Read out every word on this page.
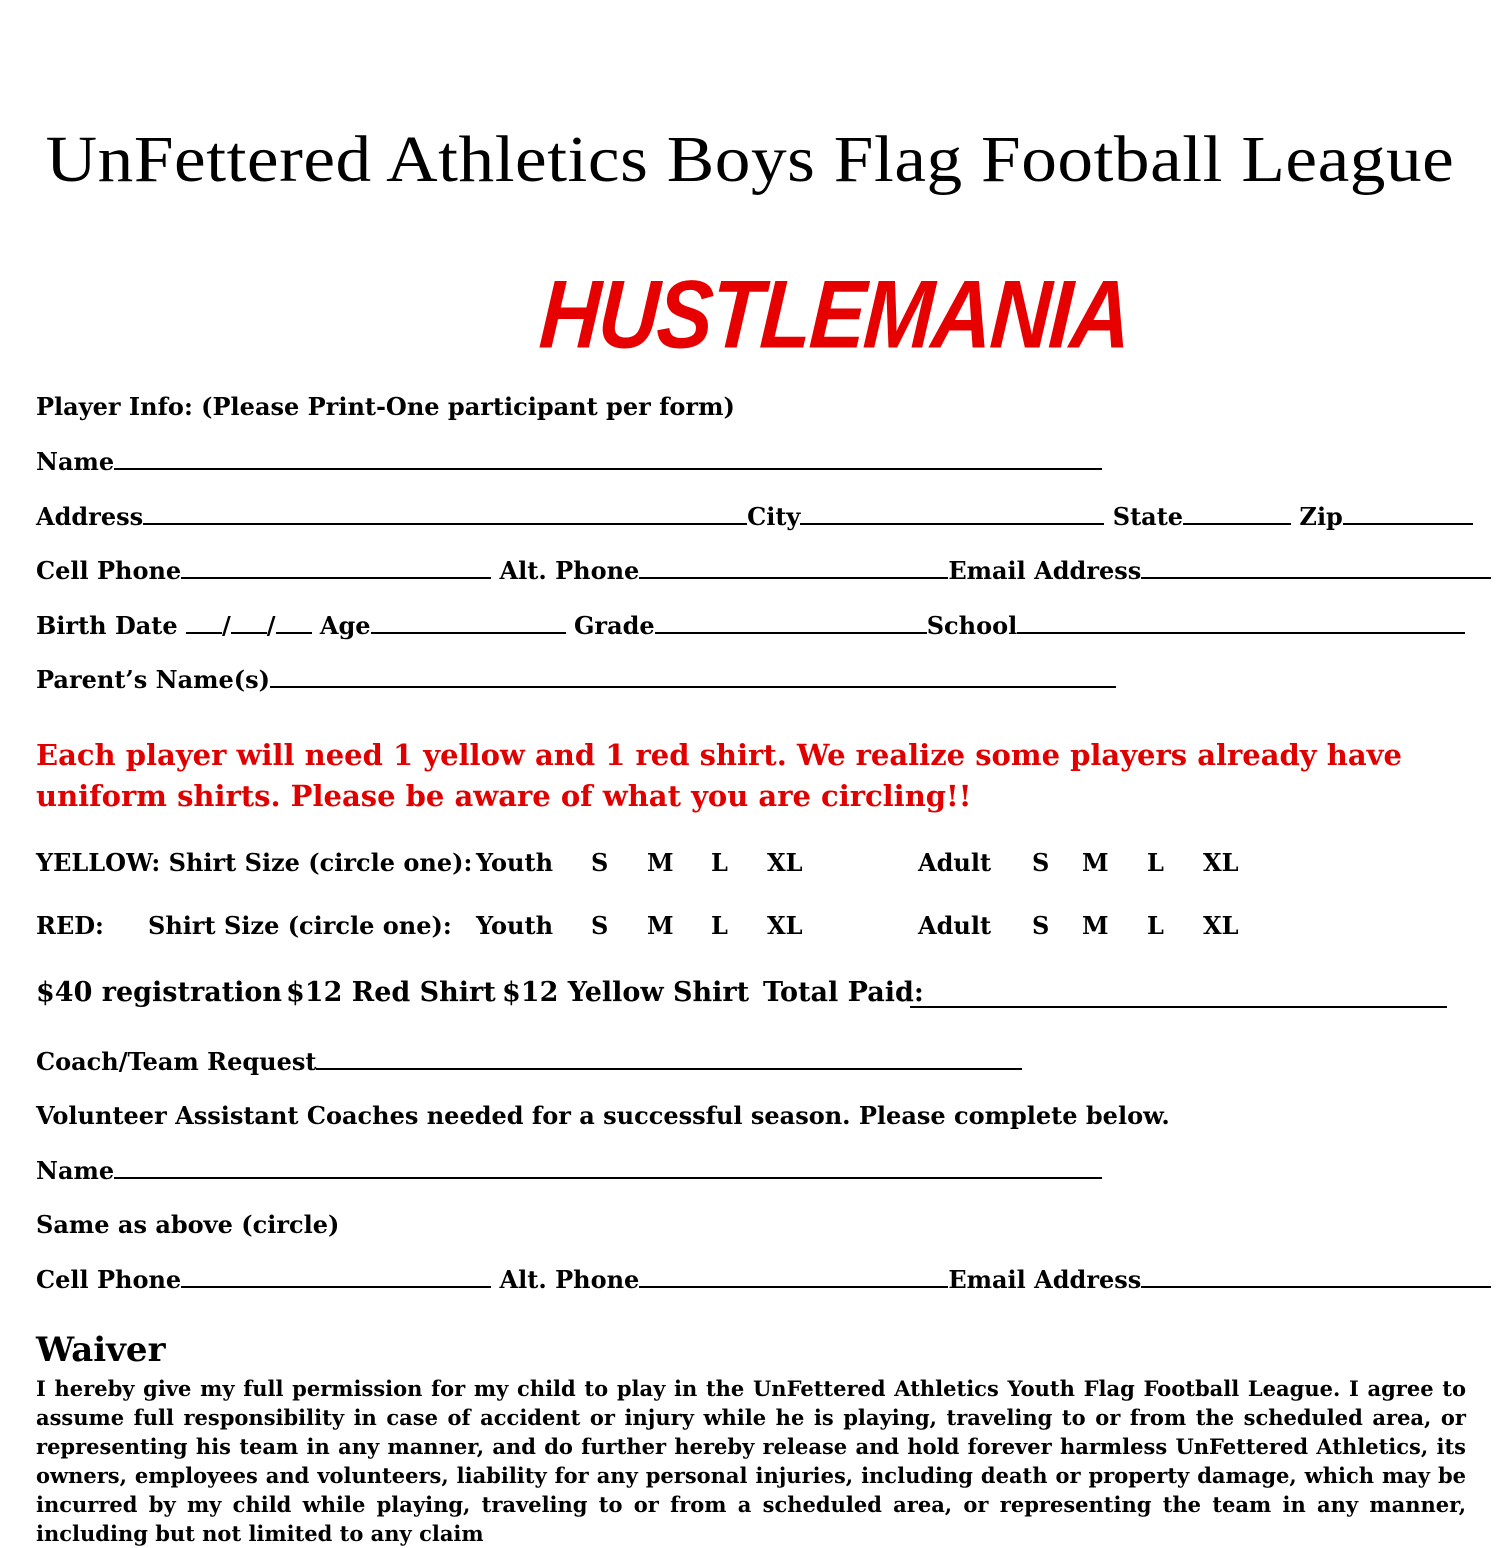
UnFettered Athletics Boys Flag Football League
HUSTLEMANIA
Player Info: (Please Print-One participant per form)
Name
Address	City	State	Zip
Cell Phone	Alt. Phone	Email Address
Birth Date / / Age	Grade	School
Parent’s Name(s)
Each player will need 1 yellow and 1 red shirt. We realize some players already have uniform shirts. Please be aware of what you are circling!!
YELLOW: Shirt Size (circle one): Youth S M L XL	Adult S M L XL
RED: Shirt Size (circle one): Youth S M L XL	Adult S M L XL
$40 registration $12 Red Shirt $12 Yellow Shirt Total Paid:
Coach/Team Request
Volunteer Assistant Coaches needed for a successful season. Please complete below.
Name
Same as above (circle)
Cell Phone	Alt. Phone	Email Address
Waiver
I hereby give my full permission for my child to play in the UnFettered Athletics Youth Flag Football League. I agree to assume full responsibility in case of accident or injury while he is playing, traveling to or from the scheduled area, or representing his team in any manner, and do further hereby release and hold forever harmless UnFettered Athletics, its owners, employees and volunteers, liability for any personal injuries, including death or property damage, which may be incurred by my child while playing, traveling to or from a scheduled area, or representing the team in any manner, including but not limited to any claim
